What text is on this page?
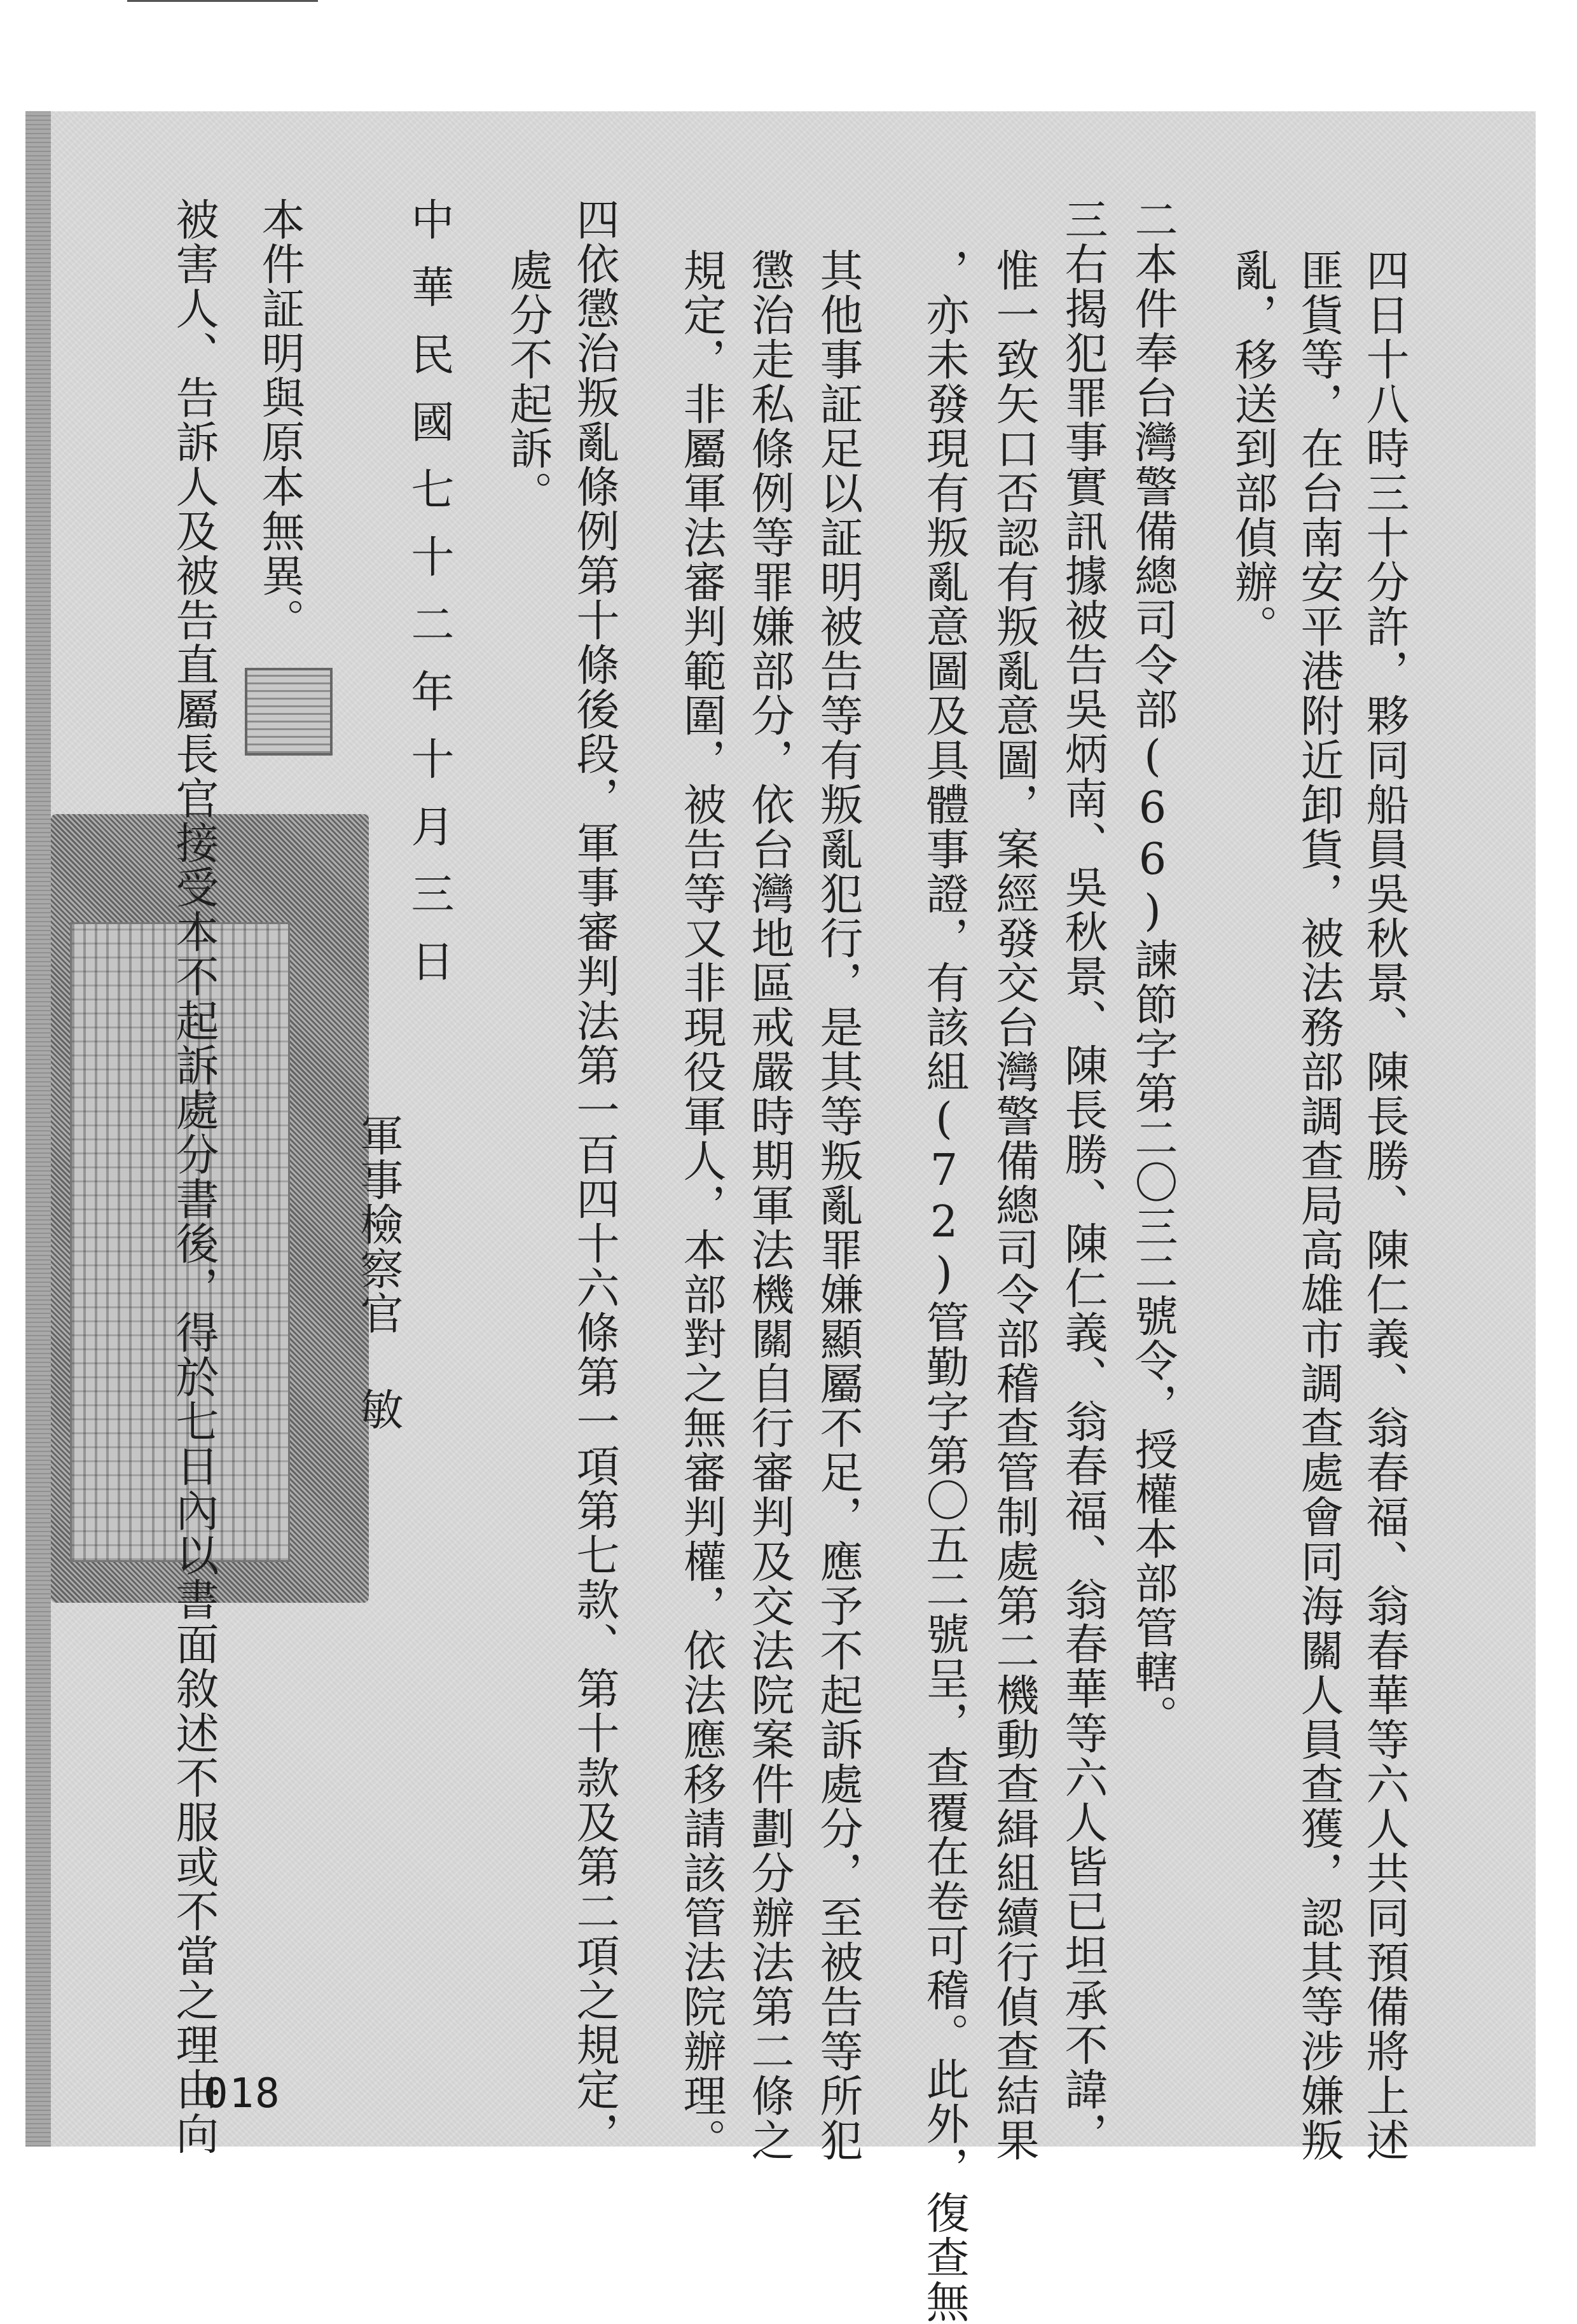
四日十八時三十分許，夥同船員吳秋景、陳長勝、陳仁義、翁春福、翁春華等六人共同預備將上述
匪貨等，在台南安平港附近卸貨，被法務部調查局高雄市調查處會同海關人員查獲，認其等涉嫌叛
亂，移送到部偵辦。
二本件奉台灣警備總司令部(66)諫節字第二〇三二號令，授權本部管轄。
三右揭犯罪事實訊據被告吳炳南、吳秋景、陳長勝、陳仁義、翁春福、翁春華等六人皆已坦承不諱，
惟一致矢口否認有叛亂意圖，案經發交台灣警備總司令部稽查管制處第二機動查緝組續行偵查結果
，亦未發現有叛亂意圖及具體事證，有該組(72)管勤字第〇五二號呈，查覆在卷可稽。此外，復查無
其他事証足以証明被告等有叛亂犯行，是其等叛亂罪嫌顯屬不足，應予不起訴處分，至被告等所犯
懲治走私條例等罪嫌部分，依台灣地區戒嚴時期軍法機關自行審判及交法院案件劃分辦法第二條之
規定，非屬軍法審判範圍，被告等又非現役軍人，本部對之無審判權，依法應移請該管法院辦理。
四依懲治叛亂條例第十條後段，軍事審判法第一百四十六條第一項第七款、第十款及第二項之規定，
處分不起訴。
中華民國七十二年十月三日
本件証明與原本無異。
軍事檢察官 敏
被害人、告訴人及被告直屬長官接受本不起訴處分書後，得於七日內以書面敘述不服或不當之理由向
018
